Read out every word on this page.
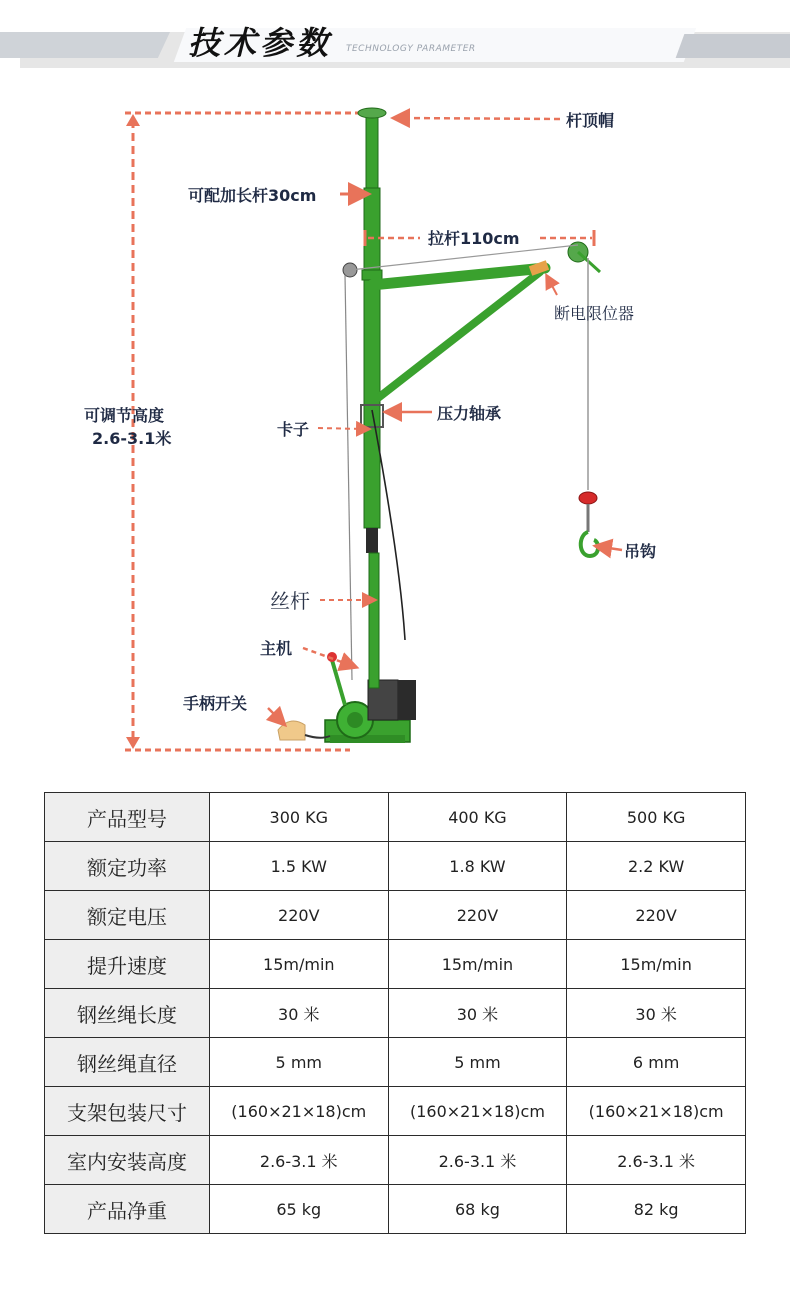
技术参数 TECHNOLOGY PARAMETER
杆顶帽
可配加长杆30cm
拉杆110cm
断电限位器
可调节高度
2.6-3.1米
压力轴承
卡子
吊钩
丝杆
主机
手柄开关
产品型号	300 KG	400 KG	500 KG
额定功率	1.5 KW	1.8 KW	2.2 KW
额定电压	220V	220V	220V
提升速度	15m/min	15m/min	15m/min
钢丝绳长度	30 米	30 米	30 米
钢丝绳直径	5 mm	5 mm	6 mm
支架包装尺寸	(160×21×18)cm	(160×21×18)cm	(160×21×18)cm
室内安装高度	2.6-3.1 米	2.6-3.1 米	2.6-3.1 米
产品净重	65 kg	68 kg	82 kg
